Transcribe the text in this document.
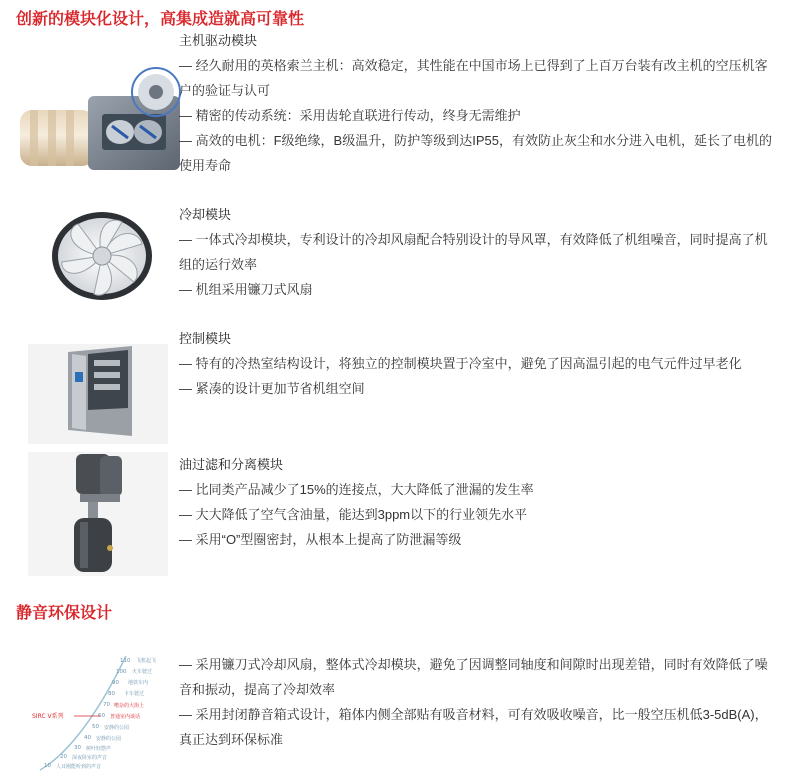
创新的模块化设计，高集成造就高可靠性

主机驱动模块

— 经久耐用的英格索兰主机：高效稳定，其性能在中国市场上已得到了上百万台装有改主机的空压机客户的验证与认可

— 精密的传动系统：采用齿轮直联进行传动，终身无需维护

— 高效的电机：F级绝缘，B级温升，防护等级到达IP55，有效防止灰尘和水分进入电机，延长了电机的使用寿命

冷却模块

— 一体式冷却模块，专利设计的冷却风扇配合特别设计的导风罩，有效降低了机组噪音，同时提高了机组的运行效率

— 机组采用镰刀式风扇

控制模块

— 特有的冷热室结构设计，将独立的控制模块置于冷室中，避免了因高温引起的电气元件过早老化

— 紧凑的设计更加节省机组空间

油过滤和分离模块

— 比同类产品减少了15%的连接点，大大降低了泄漏的发生率

— 大大降低了空气含油量，能达到3ppm以下的行业领先水平

— 采用“O”型圈密封，从根本上提高了防泄漏等级

静音环保设计
110
100
90
80
70
60
50
40
30
20
10
飞机起飞
火车驶过
地铁车内
卡车驶过
嘈杂的大街上
普通室内谈话
安静的公园
安静的公园
树叶轻摆声
深夜卧室的声音
人耳刚能听到的声音
SIRC V系列

— 采用镰刀式冷却风扇，整体式冷却模块，避免了因调整同轴度和间隙时出现差错，同时有效降低了噪音和振动，提高了冷却效率

— 采用封闭静音箱式设计，箱体内侧全部贴有吸音材料，可有效吸收噪音，比一般空压机低3-5dB(A)，真正达到环保标准
